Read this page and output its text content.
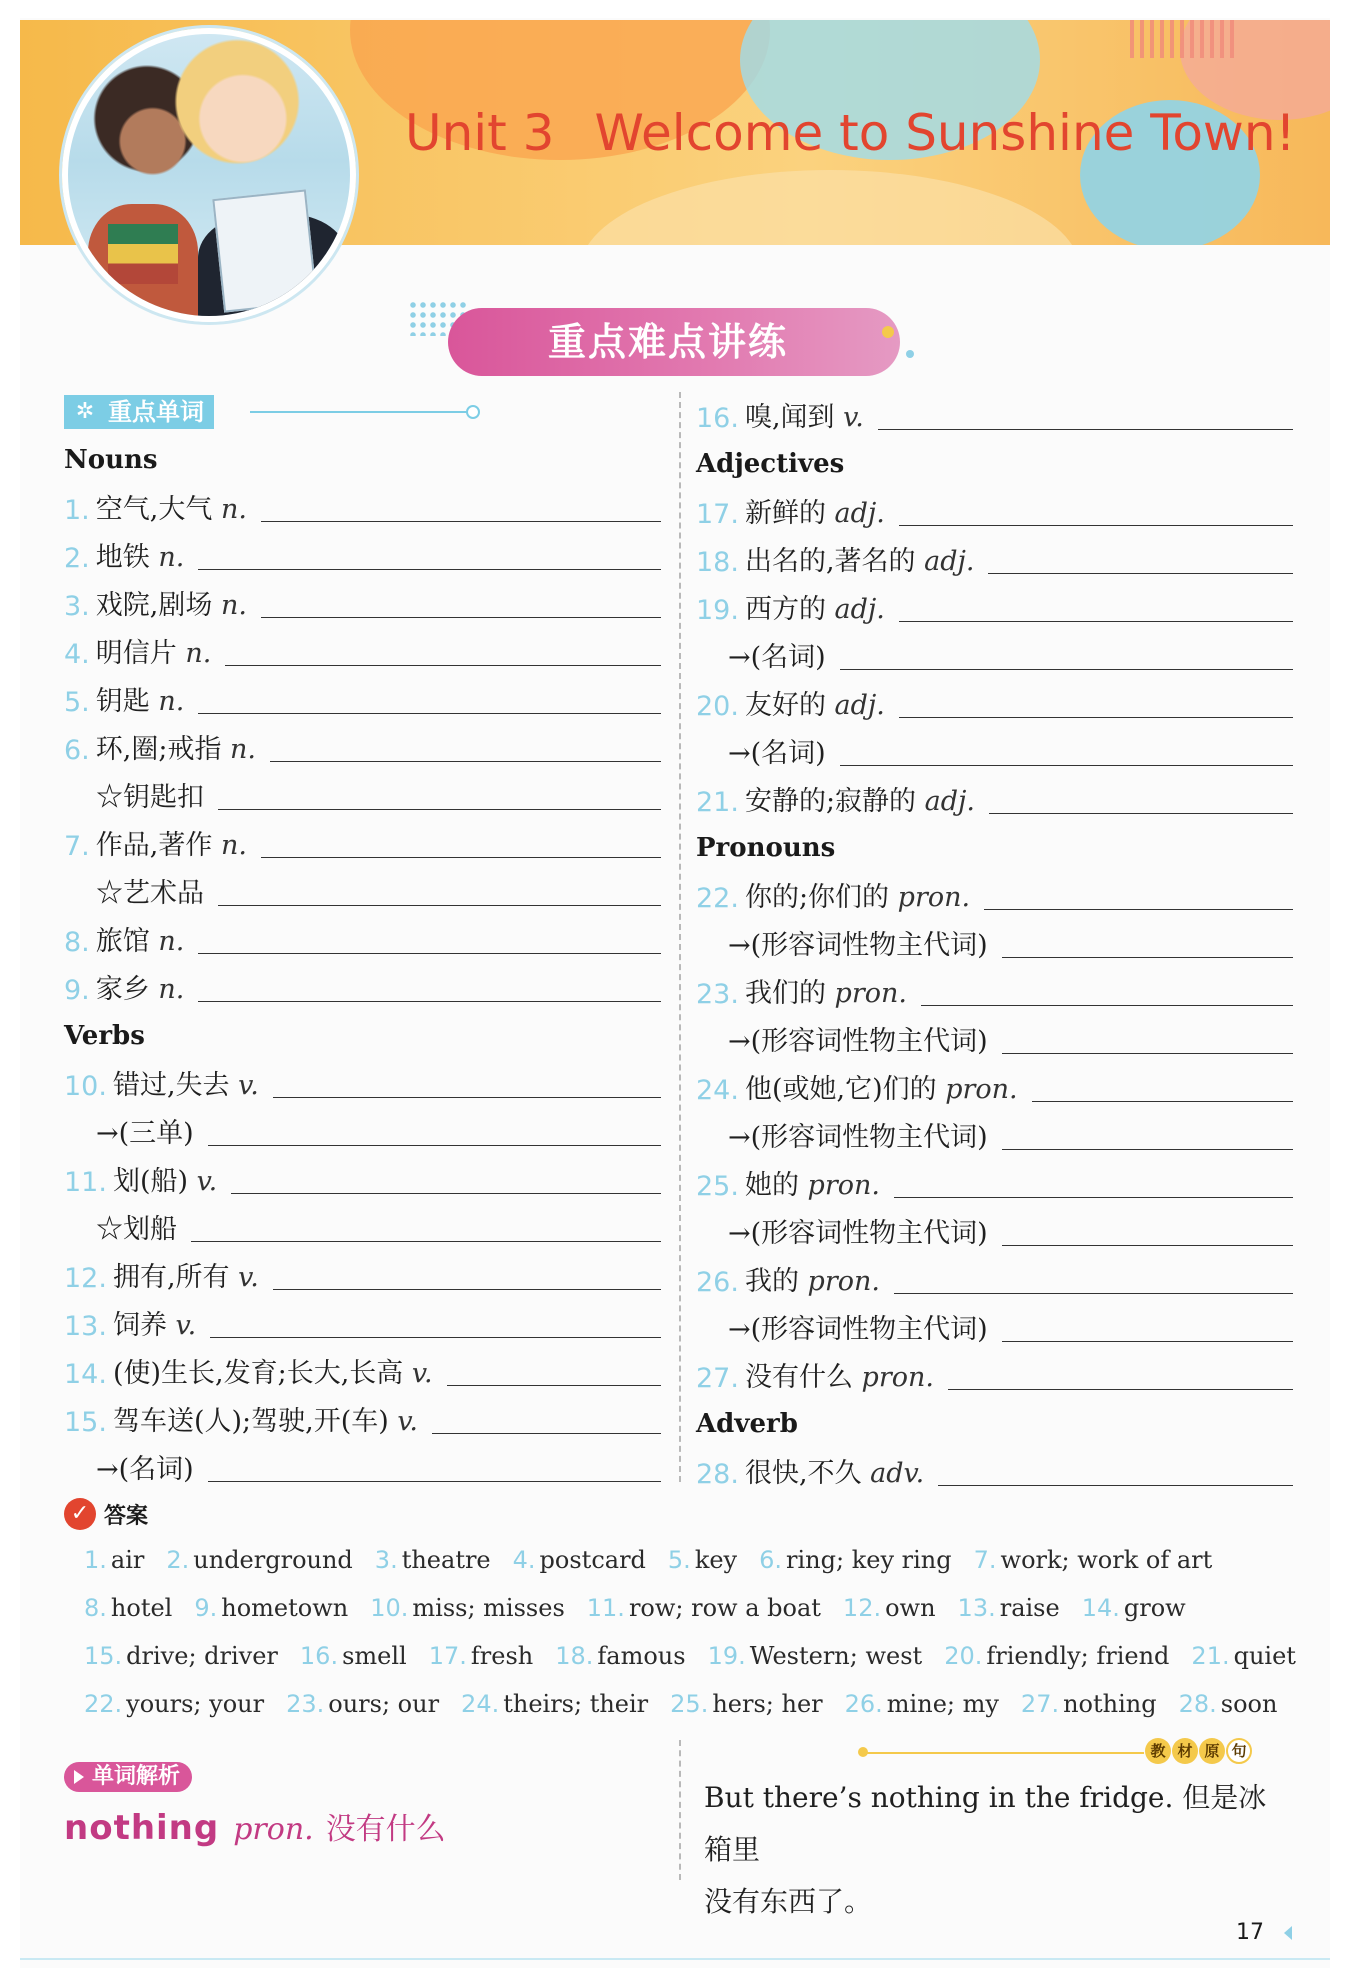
Unit 3 Welcome to Sunshine Town!
重点难点讲练
✲ 重点单词
Nouns
1. 空气,大气 n.
2. 地铁 n.
3. 戏院,剧场 n.
4. 明信片 n.
5. 钥匙 n.
6. 环,圈;戒指 n.
☆钥匙扣
7. 作品,著作 n.
☆艺术品
8. 旅馆 n.
9. 家乡 n.
Verbs
10. 错过,失去 v.
→(三单)
11. 划(船) v.
☆划船
12. 拥有,所有 v.
13. 饲养 v.
14. (使)生长,发育;长大,长高 v.
15. 驾车送(人);驾驶,开(车) v.
→(名词)
16. 嗅,闻到 v.
Adjectives
17. 新鲜的 adj.
18. 出名的,著名的 adj.
19. 西方的 adj.
→(名词)
20. 友好的 adj.
→(名词)
21. 安静的;寂静的 adj.
Pronouns
22. 你的;你们的 pron.
→(形容词性物主代词)
23. 我们的 pron.
→(形容词性物主代词)
24. 他(或她,它)们的 pron.
→(形容词性物主代词)
25. 她的 pron.
→(形容词性物主代词)
26. 我的 pron.
→(形容词性物主代词)
27. 没有什么 pron.
Adverb
28. 很快,不久 adv.
✓ 答案
1. air 2. underground 3. theatre 4. postcard 5. key 6. ring; key ring 7. work; work of art
8. hotel 9. hometown 10. miss; misses 11. row; row a boat 12. own 13. raise 14. grow
15. drive; driver 16. smell 17. fresh 18. famous 19. Western; west 20. friendly; friend 21. quiet
22. yours; your 23. ours; our 24. theirs; their 25. hers; her 26. mine; my 27. nothing 28. soon
单词解析
nothing pron. 没有什么
教 材 原 句
But there’s nothing in the fridge. 但是冰箱里
没有东西了。
17
